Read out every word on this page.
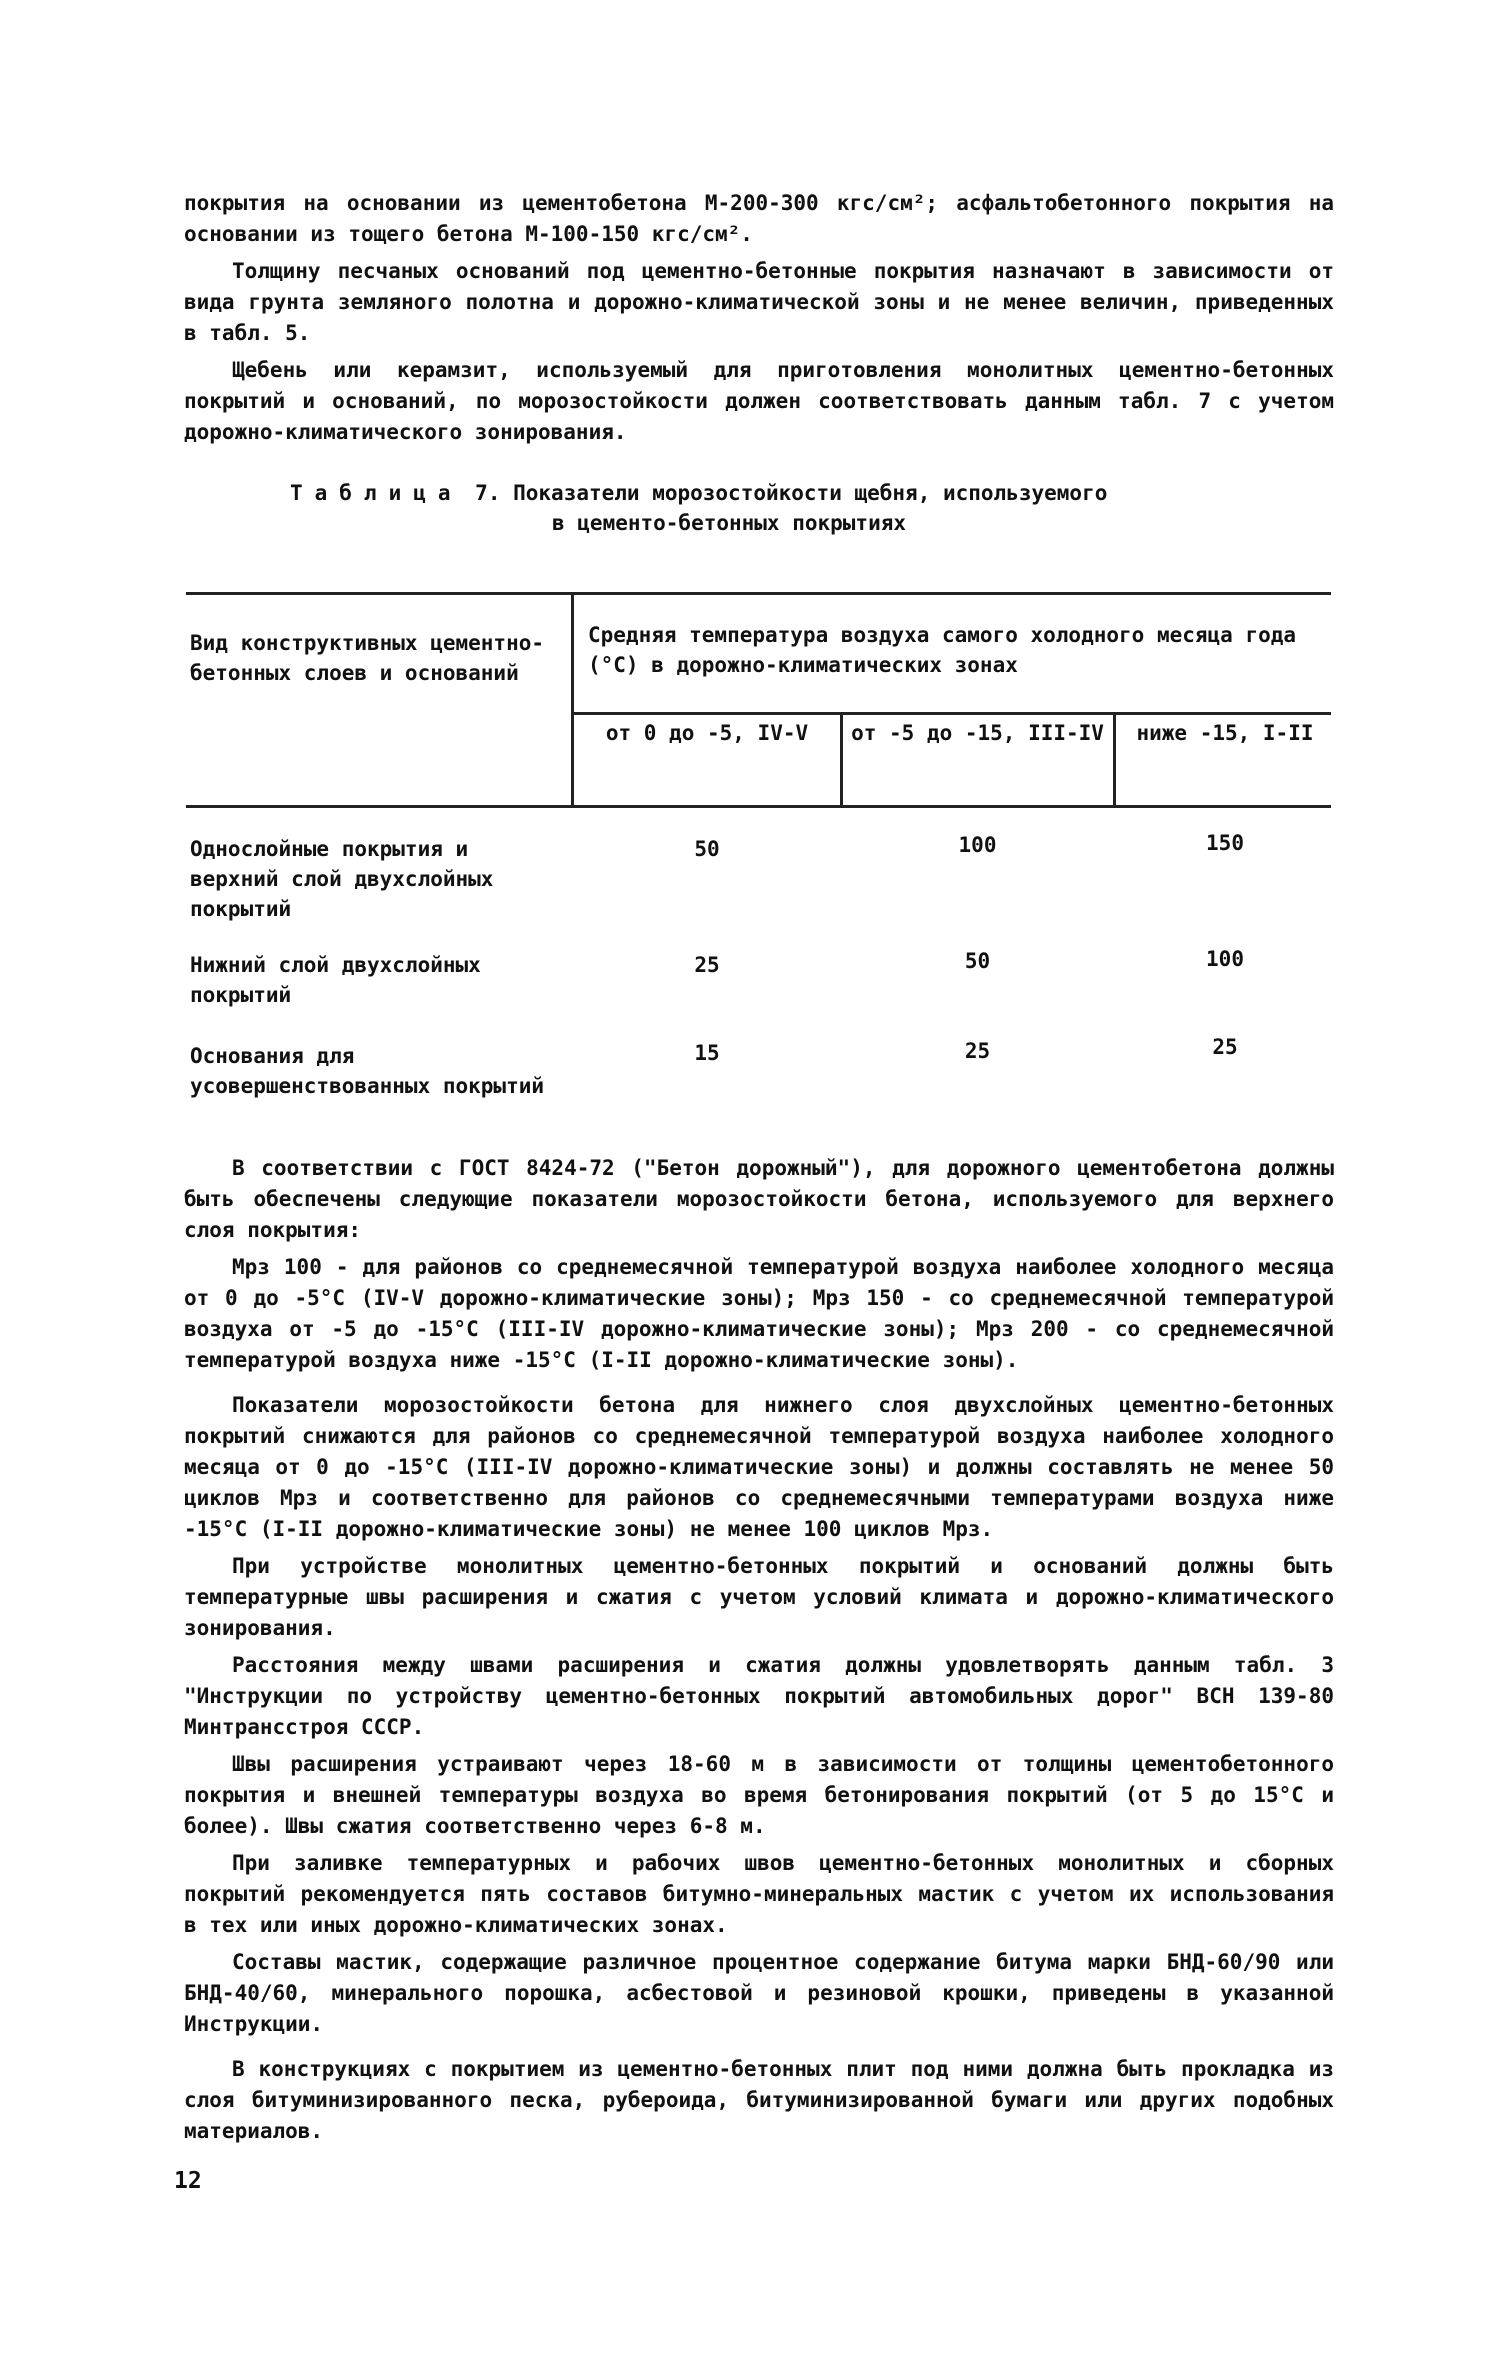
покрытия на основании из цементобетона М-200-300 кгс/см²; асфальтобетонного покрытия на основании из тощего бетона М-100-150 кгс/см².

Толщину песчаных оснований под цементно-бетонные покрытия назначают в зависимости от вида грунта земляного полотна и дорожно-климатической зоны и не менее величин, приведенных в табл. 5.

Щебень или керамзит, используемый для приготовления монолитных цементно-бетонных покрытий и оснований, по морозостойкости должен соответствовать данным табл. 7 с учетом дорожно-климатического зонирования.

Таблица 7. Показатели морозостойкости щебня, используемого
в цементо-бетонных покрытиях
Вид конструктивных цементно-бетонных слоев и оснований
Средняя температура воздуха самого холодного месяца года (°С) в дорожно-климатических зонах
от 0 до -5, IV-V	от -5 до -15, III-IV	ниже -15, I-II
Однослойные покрытия и верхний слой двухслойных покрытий
50	100	150
Нижний слой двухслойных покрытий
25	50	100
Основания для усовершенствованных покрытий
15	25	25

В соответствии с ГОСТ 8424-72 ("Бетон дорожный"), для дорожного цементобетона должны быть обеспечены следующие показатели морозостойкости бетона, используемого для верхнего слоя покрытия:

Мрз 100 - для районов со среднемесячной температурой воздуха наиболее холодного месяца от 0 до -5°С (IV-V дорожно-климатические зоны); Мрз 150 - со среднемесячной температурой воздуха от -5 до -15°С (III-IV дорожно-климатические зоны); Мрз 200 - со среднемесячной температурой воздуха ниже -15°С (I-II дорожно-климатические зоны).

Показатели морозостойкости бетона для нижнего слоя двухслойных цементно-бетонных покрытий снижаются для районов со среднемесячной температурой воздуха наиболее холодного месяца от 0 до -15°С (III-IV дорожно-климатические зоны) и должны составлять не менее 50 циклов Мрз и соответственно для районов со среднемесячными температурами воздуха ниже -15°С (I-II дорожно-климатические зоны) не менее 100 циклов Мрз.

При устройстве монолитных цементно-бетонных покрытий и оснований должны быть температурные швы расширения и сжатия с учетом условий климата и дорожно-климатического зонирования.

Расстояния между швами расширения и сжатия должны удовлетворять данным табл. 3 "Инструкции по устройству цементно-бетонных покрытий автомобильных дорог" ВСН 139-80 Минтрансстроя СССР.

Швы расширения устраивают через 18-60 м в зависимости от толщины цементобетонного покрытия и внешней температуры воздуха во время бетонирования покрытий (от 5 до 15°С и более). Швы сжатия соответственно через 6-8 м.

При заливке температурных и рабочих швов цементно-бетонных монолитных и сборных покрытий рекомендуется пять составов битумно-минеральных мастик с учетом их использования в тех или иных дорожно-климатических зонах.

Составы мастик, содержащие различное процентное содержание битума марки БНД-60/90 или БНД-40/60, минерального порошка, асбестовой и резиновой крошки, приведены в указанной Инструкции.

В конструкциях с покрытием из цементно-бетонных плит под ними должна быть прокладка из слоя битуминизированного песка, рубероида, битуминизированной бумаги или других подобных материалов.

12
